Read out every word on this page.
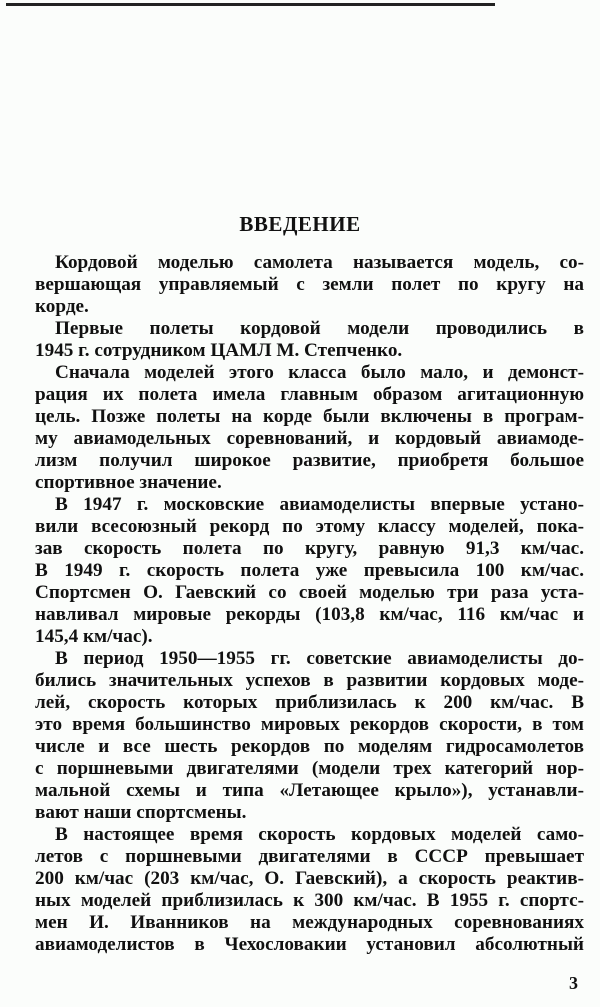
ВВЕДЕНИЕ
Кордовой моделью самолета называется модель, со-
вершающая управляемый с земли полет по кругу на
корде.
Первые полеты кордовой модели проводились в
1945 г. сотрудником ЦАМЛ М. Степченко.
Сначала моделей этого класса было мало, и демонст-
рация их полета имела главным образом агитационную
цель. Позже полеты на корде были включены в програм-
му авиамодельных соревнований, и кордовый авиамоде-
лизм получил широкое развитие, приобретя большое
спортивное значение.
В 1947 г. московские авиамоделисты впервые устано-
вили всесоюзный рекорд по этому классу моделей, пока-
зав скорость полета по кругу, равную 91,3 км/час.
В 1949 г. скорость полета уже превысила 100 км/час.
Спортсмен О. Гаевский со своей моделью три раза уста-
навливал мировые рекорды (103,8 км/час, 116 км/час и
145,4 км/час).
В период 1950—1955 гг. советские авиамоделисты до-
бились значительных успехов в развитии кордовых моде-
лей, скорость которых приблизилась к 200 км/час. В
это время большинство мировых рекордов скорости, в том
числе и все шесть рекордов по моделям гидросамолетов
с поршневыми двигателями (модели трех категорий нор-
мальной схемы и типа «Летающее крыло»), устанавли-
вают наши спортсмены.
В настоящее время скорость кордовых моделей само-
летов с поршневыми двигателями в СССР превышает
200 км/час (203 км/час, О. Гаевский), а скорость реактив-
ных моделей приблизилась к 300 км/час. В 1955 г. спортс-
мен И. Иванников на международных соревнованиях
авиамоделистов в Чехословакии установил абсолютный
3
